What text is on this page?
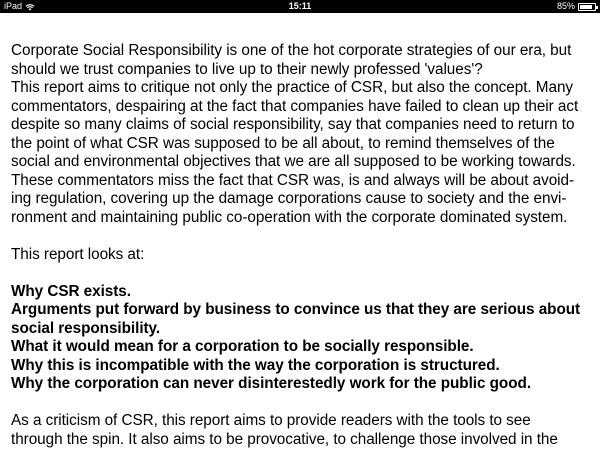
iPad	15:11	85%
Corporate Social Responsibility is one of the hot corporate strategies of our era, but
should we trust companies to live up to their newly professed 'values'?
This report aims to critique not only the practice of CSR, but also the concept. Many
commentators, despairing at the fact that companies have failed to clean up their act
despite so many claims of social responsibility, say that companies need to return to
the point of what CSR was supposed to be all about, to remind themselves of the
social and environmental objectives that we are all supposed to be working towards.
These commentators miss the fact that CSR was, is and always will be about avoid-
ing regulation, covering up the damage corporations cause to society and the envi-
ronment and maintaining public co-operation with the corporate dominated system.
This report looks at:
Why CSR exists.
Arguments put forward by business to convince us that they are serious about
social responsibility.
What it would mean for a corporation to be socially responsible.
Why this is incompatible with the way the corporation is structured.
Why the corporation can never disinterestedly work for the public good.
As a criticism of CSR, this report aims to provide readers with the tools to see
through the spin. It also aims to be provocative, to challenge those involved in the
